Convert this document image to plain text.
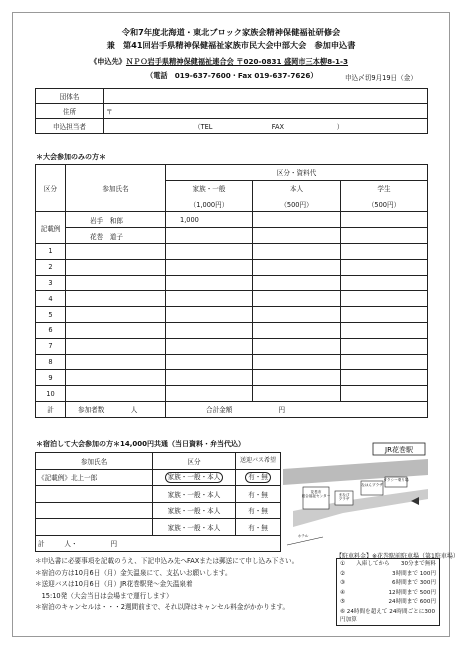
令和7年度北海道・東北ブロック家族会精神保健福祉研修会
兼　第41回岩手県精神保健福祉家族市民大会中部大会　参加申込書
《申込先》ＮＰＯ岩手県精神保健福祉連合会 〒020-0831 盛岡市三本柳8-1-3
（電話　019-637-7600・Fax 019-637-7626）	申込〆切9月19日（金）
団体名	
住所	〒
申込担当者	（TEL　　　　　　　　　FAX　　　　　　　　）
＊大会参加のみの方＊
区分	参加氏名	区分・資料代		
		家族・一般	本人	学生
		（1,000円）	（500円）	（500円）
記載例	岩手　和郎	1,000		
	花巻　道子			
1				
2				
3				
4				
5				
6				
7				
8				
9				
10				
計	参加者数　　　　人	合計金額　　　　　　　円		
＊宿泊して大会参加の方＊14,000円共通（当日資料・弁当代込）
参加氏名	区分	送迎バス希望
《記載例》北上一郎	家族・一般・本人	有・無
	家族・一般・本人	有・無
	家族・一般・本人	有・無
	家族・一般・本人	有・無
計　　　人・　　　　　円		
JR花巻駅
まなびプラザ
なはんプラザ
花巻市総合福祉センター
タクシー乗り場
ホテル
【駐車料金】※花巻駅前駐車場（第1駐車場）
① 入庫してから 30分まで無料
②	3時間まで 100円
③	6時間まで 300円
④	12時間まで 500円
⑤	24時間まで 600円
⑥ 24時間を超えて 24時間ごとに300円加算
＊申込書に必要事項を記載のうえ、下記申込み先へFAXまたは郵送にて申し込み下さい。
＊宿泊の方は10月6日（月）金矢温泉にて、支払いお願いします。
＊送迎バスは10月6日（月）JR花巻駅発～金矢温泉着
　15:10発（大会当日は会場まで運行します）
＊宿泊のキャンセルは・・・2週間前まで、それ以降はキャンセル料金がかかります。
